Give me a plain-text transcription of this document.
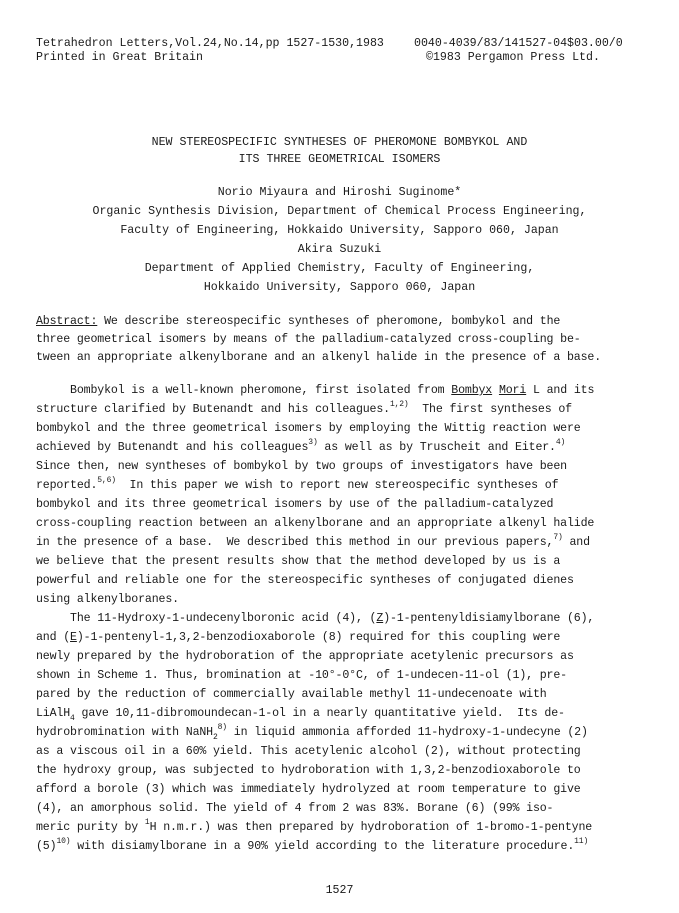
Tetrahedron Letters,Vol.24,No.14,pp 1527-1530,1983	0040-4039/83/141527-04$03.00/0
Printed in Great Britain	©1983 Pergamon Press Ltd.
NEW STEREOSPECIFIC SYNTHESES OF PHEROMONE BOMBYKOL AND
ITS THREE GEOMETRICAL ISOMERS
Norio Miyaura and Hiroshi Suginome*
Organic Synthesis Division, Department of Chemical Process Engineering,
Faculty of Engineering, Hokkaido University, Sapporo 060, Japan
Akira Suzuki
Department of Applied Chemistry, Faculty of Engineering,
Hokkaido University, Sapporo 060, Japan
Abstract: We describe stereospecific syntheses of pheromone, bombykol and the
three geometrical isomers by means of the palladium-catalyzed cross-coupling be-
tween an appropriate alkenylborane and an alkenyl halide in the presence of a base.
Bombykol is a well-known pheromone, first isolated from Bombyx Mori L and its
structure clarified by Butenandt and his colleagues.$^{1,2)}$  The first syntheses of
bombykol and the three geometrical isomers by employing the Wittig reaction were
achieved by Butenandt and his colleagues$^{3)}$ as well as by Truscheit and Eiter.$^{4)}$
Since then, new syntheses of bombykol by two groups of investigators have been
reported.$^{5,6)}$  In this paper we wish to report new stereospecific syntheses of
bombykol and its three geometrical isomers by use of the palladium-catalyzed
cross-coupling reaction between an alkenylborane and an appropriate alkenyl halide
in the presence of a base.  We described this method in our previous papers,$^{7)}$ and
we believe that the present results show that the method developed by us is a
powerful and reliable one for the stereospecific syntheses of conjugated dienes
using alkenylboranes.
The 11-Hydroxy-1-undecenylboronic acid (4), (Z)-1-pentenyldisiamylborane (6),
and (E)-1-pentenyl-1,3,2-benzodioxaborole (8) required for this coupling were
newly prepared by the hydroboration of the appropriate acetylenic precursors as
shown in Scheme 1. Thus, bromination at -10°-0°C, of 1-undecen-11-ol (1), pre-
pared by the reduction of commercially available methyl 11-undecenoate with
LiAlH$_4$ gave 10,11-dibromoundecan-1-ol in a nearly quantitative yield.  Its de-
hydrobromination with NaNH$_2^{8)}$ in liquid ammonia afforded 11-hydroxy-1-undecyne (2)
as a viscous oil in a 60% yield. This acetylenic alcohol (2), without protecting
the hydroxy group, was subjected to hydroboration with 1,3,2-benzodioxaborole to
afford a borole (3) which was immediately hydrolyzed at room temperature to give
(4), an amorphous solid. The yield of 4 from 2 was 83%. Borane (6) (99% iso-
meric purity by $^1$H n.m.r.) was then prepared by hydroboration of 1-bromo-1-pentyne
$(5)^{10)}$ with disiamylborane in a 90% yield according to the literature procedure.$^{11)}$
1527
